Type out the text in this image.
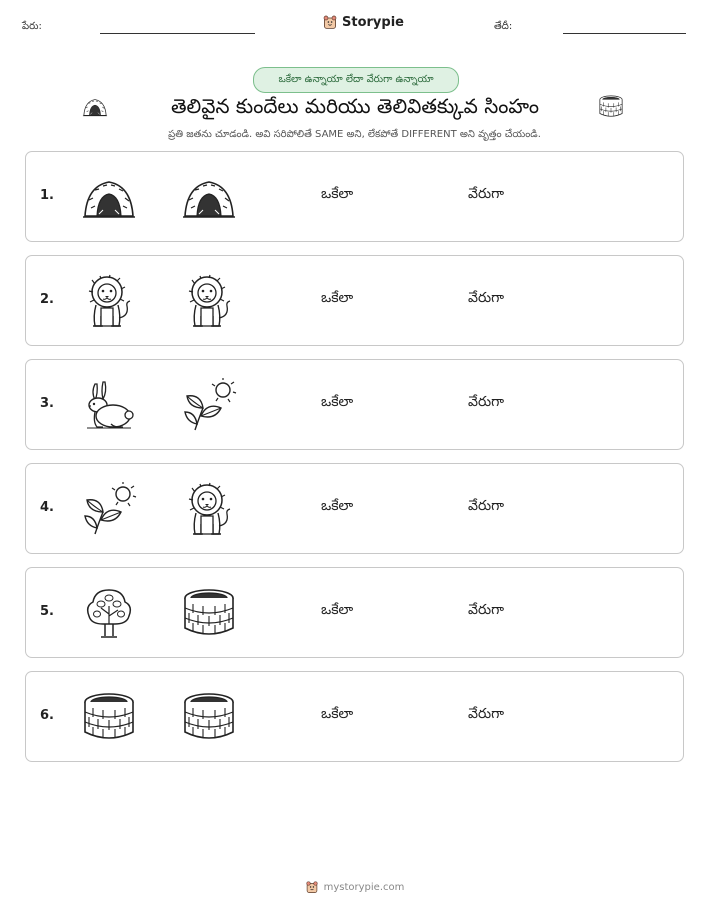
పేరు:	Storypie	తేదీ:
ఒకేలా ఉన్నాయా లేదా వేరుగా ఉన్నాయా
తెలివైన కుందేలు మరియు తెలివితక్కువ సింహం
ప్రతి జతను చూడండి. అవి సరిపోలితే SAME అని, లేకపోతే DIFFERENT అని వృత్తం చేయండి.
1.	ఒకేలా	వేరుగా
2.	ఒకేలా	వేరుగా
3.	ఒకేలా	వేరుగా
4.	ఒకేలా	వేరుగా
5.	ఒకేలా	వేరుగా
6.	ఒకేలా	వేరుగా
mystorypie.com
